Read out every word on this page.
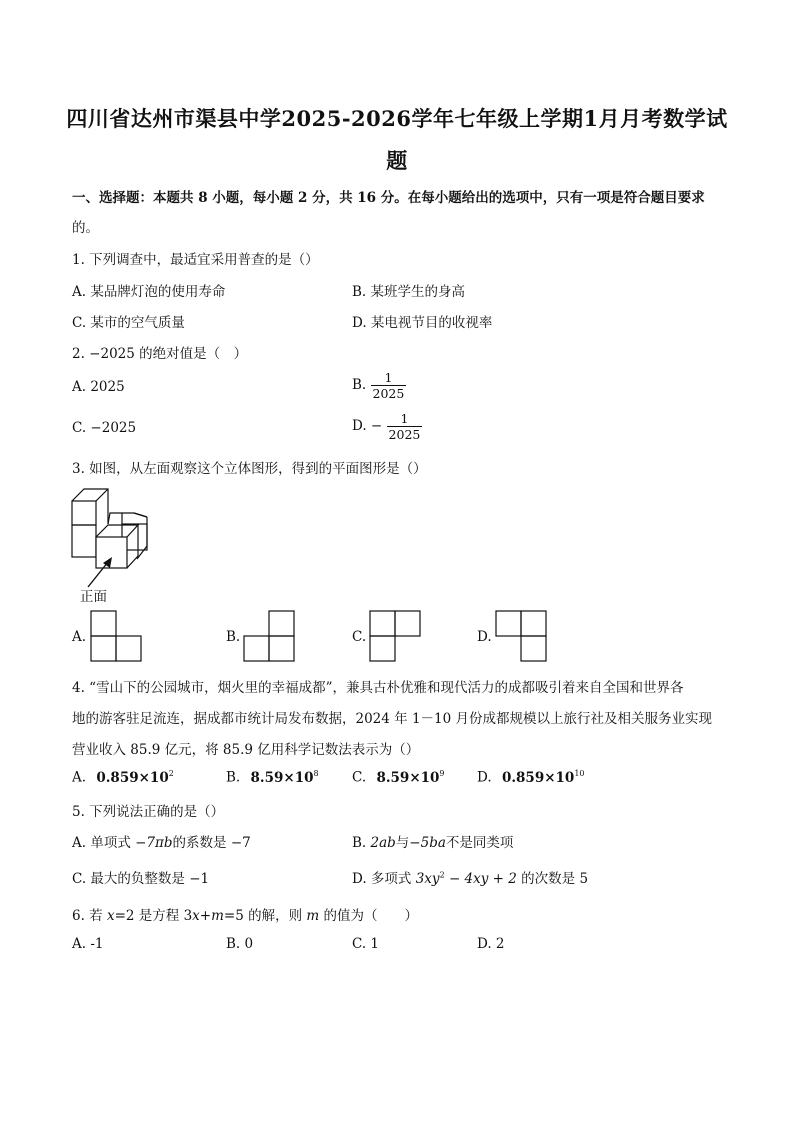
四川省达州市渠县中学2025-2026学年七年级上学期1月月考数学试
题
一、选择题：本题共 8 小题，每小题 2 分，共 16 分。在每小题给出的选项中，只有一项是符合题目要求
的。
1. 下列调查中，最适宜采用普查的是（）
A. 某品牌灯泡的使用寿命	B. 某班学生的身高
C. 某市的空气质量	D. 某电视节目的收视率
2. −2025 的绝对值是（　）
A. 2025	B. $\frac{1}{2025}$
C. −2025	D. − $\frac{1}{2025}$
3. 如图，从左面观察这个立体图形，得到的平面图形是（）
正面
A.	B.	C.	D.
4. “雪山下的公园城市，烟火里的幸福成都”，兼具古朴优雅和现代活力的成都吸引着来自全国和世界各
地的游客驻足流连，据成都市统计局发布数据，2024 年 1－10 月份成都规模以上旅行社及相关服务业实现
营业收入 85.9 亿元，将 85.9 亿用科学记数法表示为（）
A. $0.859\times 10^2$	B. $8.59\times 10^8$ C. $8.59\times 10^9$ D. $0.859\times 10^{10}$
5. 下列说法正确的是（）
A. 单项式 −7πb的系数是 −7	B. 2ab与−5ba不是同类项
C. 最大的负整数是 −1	D. 多项式 $3xy^2 - 4xy + 2$ 的次数是 5
6. 若 x=2 是方程 3x+m=5 的解，则 m 的值为（　　）
A. -1	B. 0	C. 1	D. 2
